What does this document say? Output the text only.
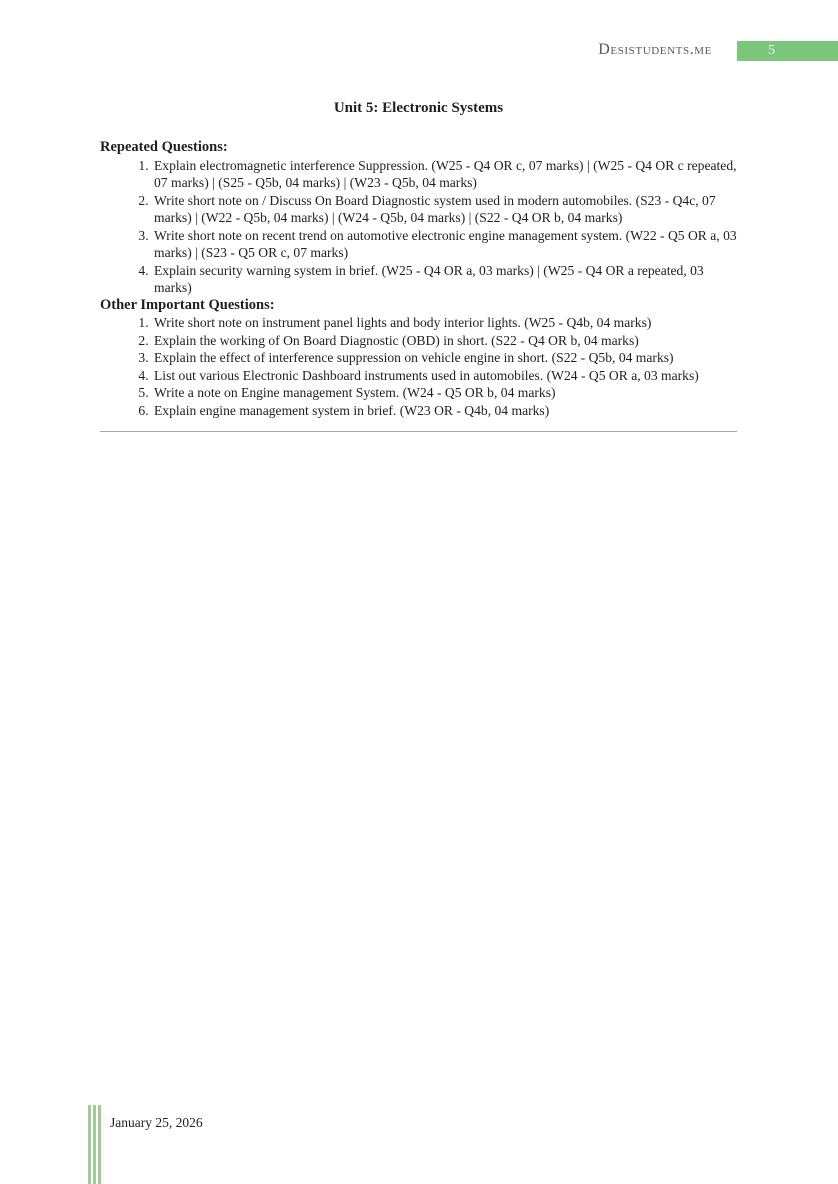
Desistudents.me	5
Unit 5: Electronic Systems
Repeated Questions:
1. Explain electromagnetic interference Suppression. (W25 - Q4 OR c, 07 marks) | (W25 - Q4 OR c repeated, 07 marks) | (S25 - Q5b, 04 marks) | (W23 - Q5b, 04 marks)
2. Write short note on / Discuss On Board Diagnostic system used in modern automobiles. (S23 - Q4c, 07 marks) | (W22 - Q5b, 04 marks) | (W24 - Q5b, 04 marks) | (S22 - Q4 OR b, 04 marks)
3. Write short note on recent trend on automotive electronic engine management system. (W22 - Q5 OR a, 03 marks) | (S23 - Q5 OR c, 07 marks)
4. Explain security warning system in brief. (W25 - Q4 OR a, 03 marks) | (W25 - Q4 OR a repeated, 03 marks)
Other Important Questions:
1. Write short note on instrument panel lights and body interior lights. (W25 - Q4b, 04 marks)
2. Explain the working of On Board Diagnostic (OBD) in short. (S22 - Q4 OR b, 04 marks)
3. Explain the effect of interference suppression on vehicle engine in short. (S22 - Q5b, 04 marks)
4. List out various Electronic Dashboard instruments used in automobiles. (W24 - Q5 OR a, 03 marks)
5. Write a note on Engine management System. (W24 - Q5 OR b, 04 marks)
6. Explain engine management system in brief. (W23 OR - Q4b, 04 marks)
January 25, 2026
